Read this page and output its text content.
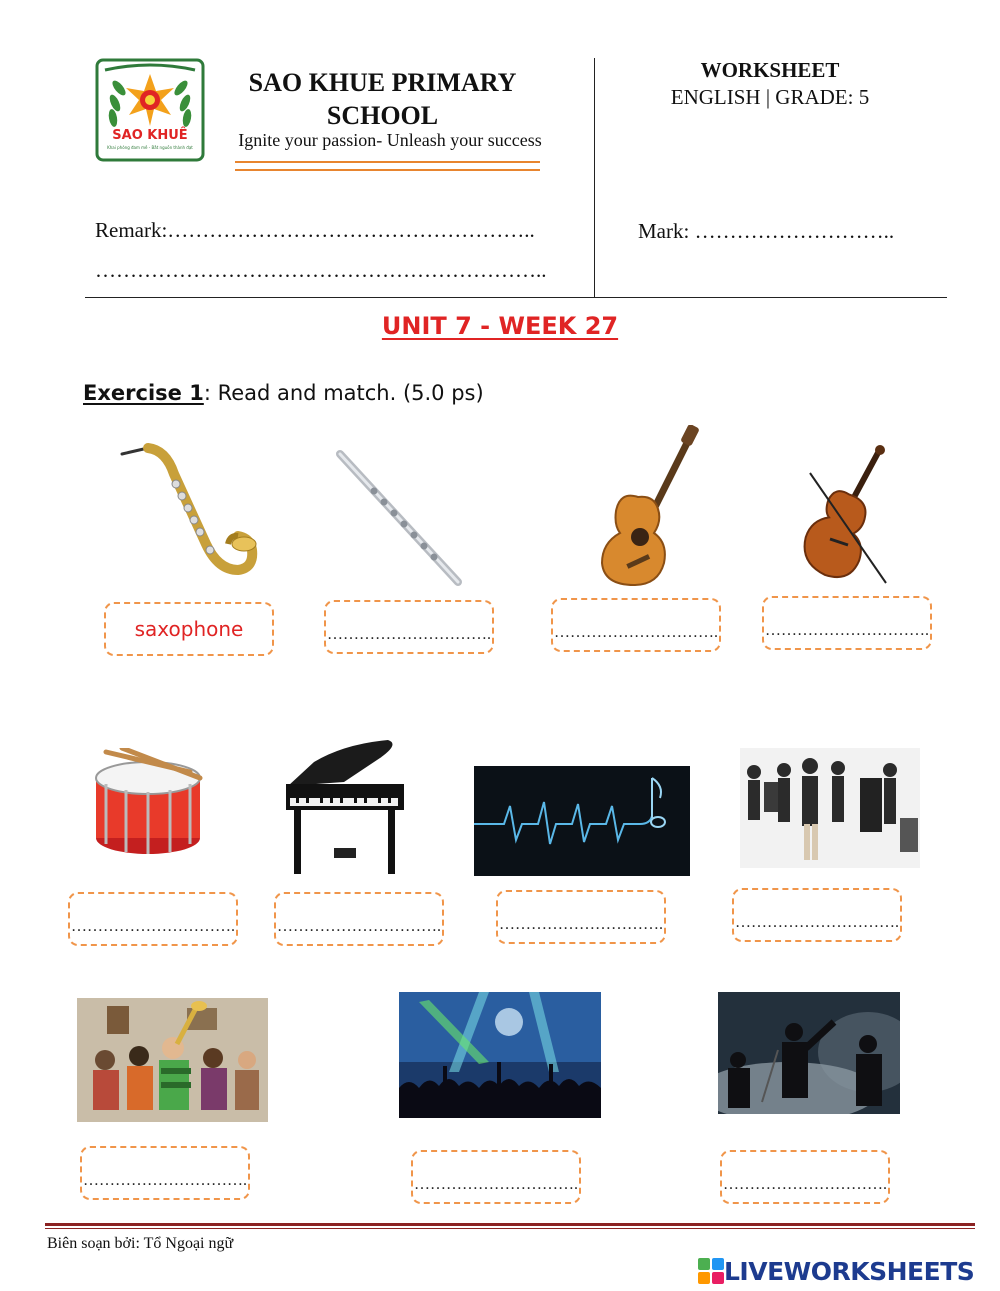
SAO KHUÊ
Khai phóng đam mê - Bắt nguồn thành đạt
SAO KHUE PRIMARY
SCHOOL
Ignite your passion- Unleash your success
WORKSHEET
ENGLISH | GRADE: 5
Remark:……………………………………………..
………………………………………………………..
Mark: ………………………..
UNIT 7 - WEEK 27
Exercise 1: Read and match. (5.0 ps)
saxophone	………………………….	………………………….	………………………….
………………………….	………………………….	………………………….	………………………….
………………………….	………………………….	………………………….
Biên soạn bởi: Tổ Ngoại ngữ
LIVEWORKSHEETS
